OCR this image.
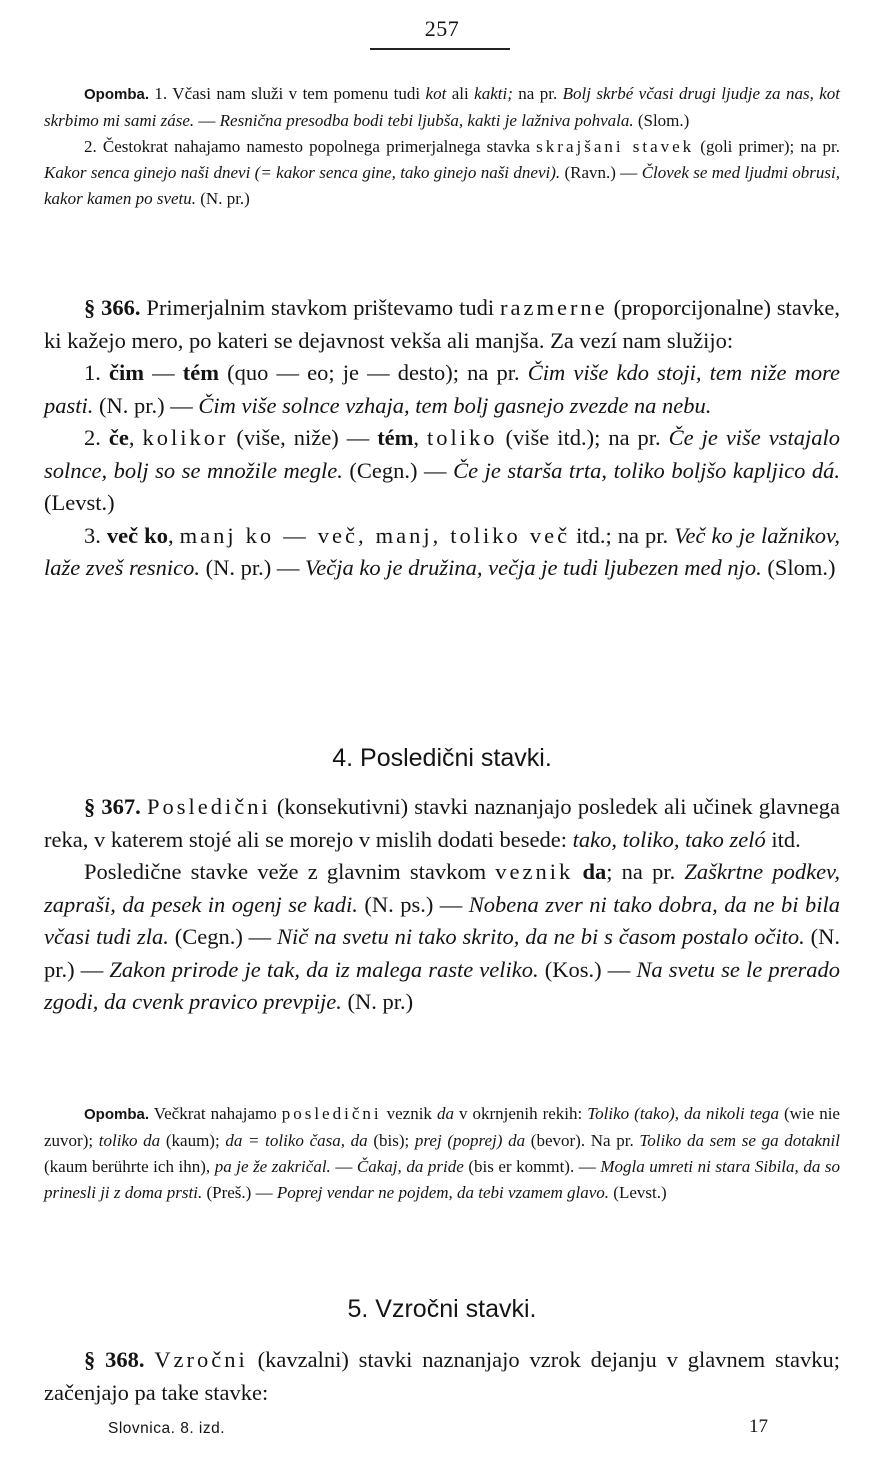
257

Opomba. 1. Včasi nam služi v tem pomenu tudi kot ali kakti; na pr. Bolj skrbé včasi drugi ljudje za nas, kot skrbimo mi sami záse. — Resnična presodba bodi tebi ljubša, kakti je lažniva pohvala. (Slom.)

2. Čestokrat nahajamo namesto popolnega primerjalnega stavka skrajšani stavek (goli primer); na pr. Kakor senca ginejo naši dnevi (= kakor senca gine, tako ginejo naši dnevi). (Ravn.) — Človek se med ljudmi obrusi, kakor kamen po svetu. (N. pr.)

§ 366. Primerjalnim stavkom prištevamo tudi razmerne (proporcijonalne) stavke, ki kažejo mero, po kateri se dejavnost vekša ali manjša. Za vezí nam služijo:

1. čim — tém (quo — eo; je — desto); na pr. Čim više kdo stoji, tem niže more pasti. (N. pr.) — Čim više solnce vzhaja, tem bolj gasnejo zvezde na nebu.

2. če, kolikor (više, niže) — tém, toliko (više itd.); na pr. Če je više vstajalo solnce, bolj so se množile megle. (Cegn.) — Če je starša trta, toliko boljšo kapljico dá. (Levst.)

3. več ko, manj ko — več, manj, toliko več itd.; na pr. Več ko je lažnikov, laže zveš resnico. (N. pr.) — Večja ko je družina, večja je tudi ljubezen med njo. (Slom.)

4. Posledični stavki.

§ 367. Posledični (konsekutivni) stavki naznanjajo posledek ali učinek glavnega reka, v katerem stojé ali se morejo v mislih dodati besede: tako, toliko, tako zeló itd.

Posledične stavke veže z glavnim stavkom veznik da; na pr. Zaškrtne podkev, zapraši, da pesek in ogenj se kadi. (N. ps.) — Nobena zver ni tako dobra, da ne bi bila včasi tudi zla. (Cegn.) — Nič na svetu ni tako skrito, da ne bi s časom postalo očito. (N. pr.) — Zakon prirode je tak, da iz malega raste veliko. (Kos.) — Na svetu se le prerado zgodi, da cvenk pravico prevpije. (N. pr.)

Opomba. Večkrat nahajamo posledični veznik da v okrnjenih rekih: Toliko (tako), da nikoli tega (wie nie zuvor); toliko da (kaum); da = toliko časa, da (bis); prej (poprej) da (bevor). Na pr. Toliko da sem se ga dotaknil (kaum berührte ich ihn), pa je že zakričal. — Čakaj, da pride (bis er kommt). — Mogla umreti ni stara Sibila, da so prinesli ji z doma prsti. (Preš.) — Poprej vendar ne pojdem, da tebi vzamem glavo. (Levst.)

5. Vzročni stavki.

§ 368. Vzročni (kavzalni) stavki naznanjajo vzrok dejanju v glavnem stavku; začenjajo pa take stavke:

Slovnica. 8. izd.	17
